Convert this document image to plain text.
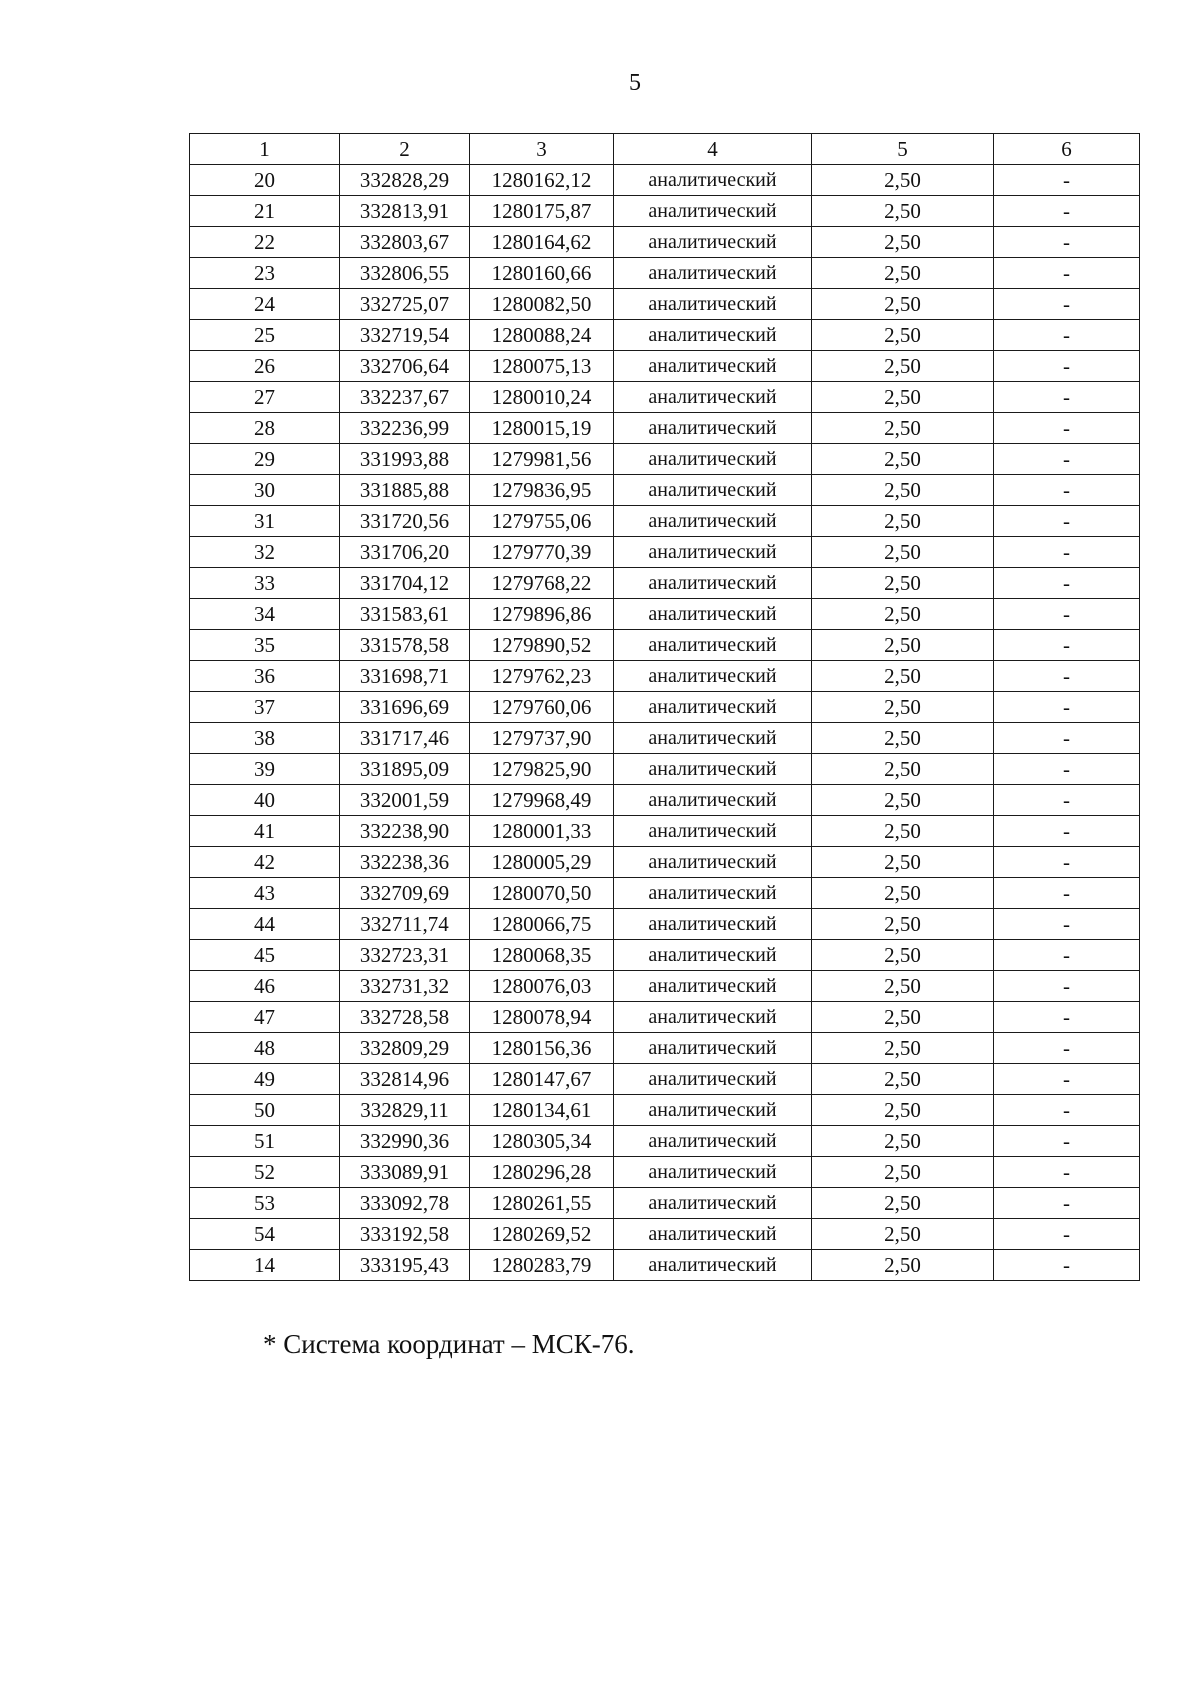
5
1	2	3	4	5	6
20	332828,29	1280162,12	аналитический	2,50	-
21	332813,91	1280175,87	аналитический	2,50	-
22	332803,67	1280164,62	аналитический	2,50	-
23	332806,55	1280160,66	аналитический	2,50	-
24	332725,07	1280082,50	аналитический	2,50	-
25	332719,54	1280088,24	аналитический	2,50	-
26	332706,64	1280075,13	аналитический	2,50	-
27	332237,67	1280010,24	аналитический	2,50	-
28	332236,99	1280015,19	аналитический	2,50	-
29	331993,88	1279981,56	аналитический	2,50	-
30	331885,88	1279836,95	аналитический	2,50	-
31	331720,56	1279755,06	аналитический	2,50	-
32	331706,20	1279770,39	аналитический	2,50	-
33	331704,12	1279768,22	аналитический	2,50	-
34	331583,61	1279896,86	аналитический	2,50	-
35	331578,58	1279890,52	аналитический	2,50	-
36	331698,71	1279762,23	аналитический	2,50	-
37	331696,69	1279760,06	аналитический	2,50	-
38	331717,46	1279737,90	аналитический	2,50	-
39	331895,09	1279825,90	аналитический	2,50	-
40	332001,59	1279968,49	аналитический	2,50	-
41	332238,90	1280001,33	аналитический	2,50	-
42	332238,36	1280005,29	аналитический	2,50	-
43	332709,69	1280070,50	аналитический	2,50	-
44	332711,74	1280066,75	аналитический	2,50	-
45	332723,31	1280068,35	аналитический	2,50	-
46	332731,32	1280076,03	аналитический	2,50	-
47	332728,58	1280078,94	аналитический	2,50	-
48	332809,29	1280156,36	аналитический	2,50	-
49	332814,96	1280147,67	аналитический	2,50	-
50	332829,11	1280134,61	аналитический	2,50	-
51	332990,36	1280305,34	аналитический	2,50	-
52	333089,91	1280296,28	аналитический	2,50	-
53	333092,78	1280261,55	аналитический	2,50	-
54	333192,58	1280269,52	аналитический	2,50	-
14	333195,43	1280283,79	аналитический	2,50	-
* Система координат – МСК-76.
